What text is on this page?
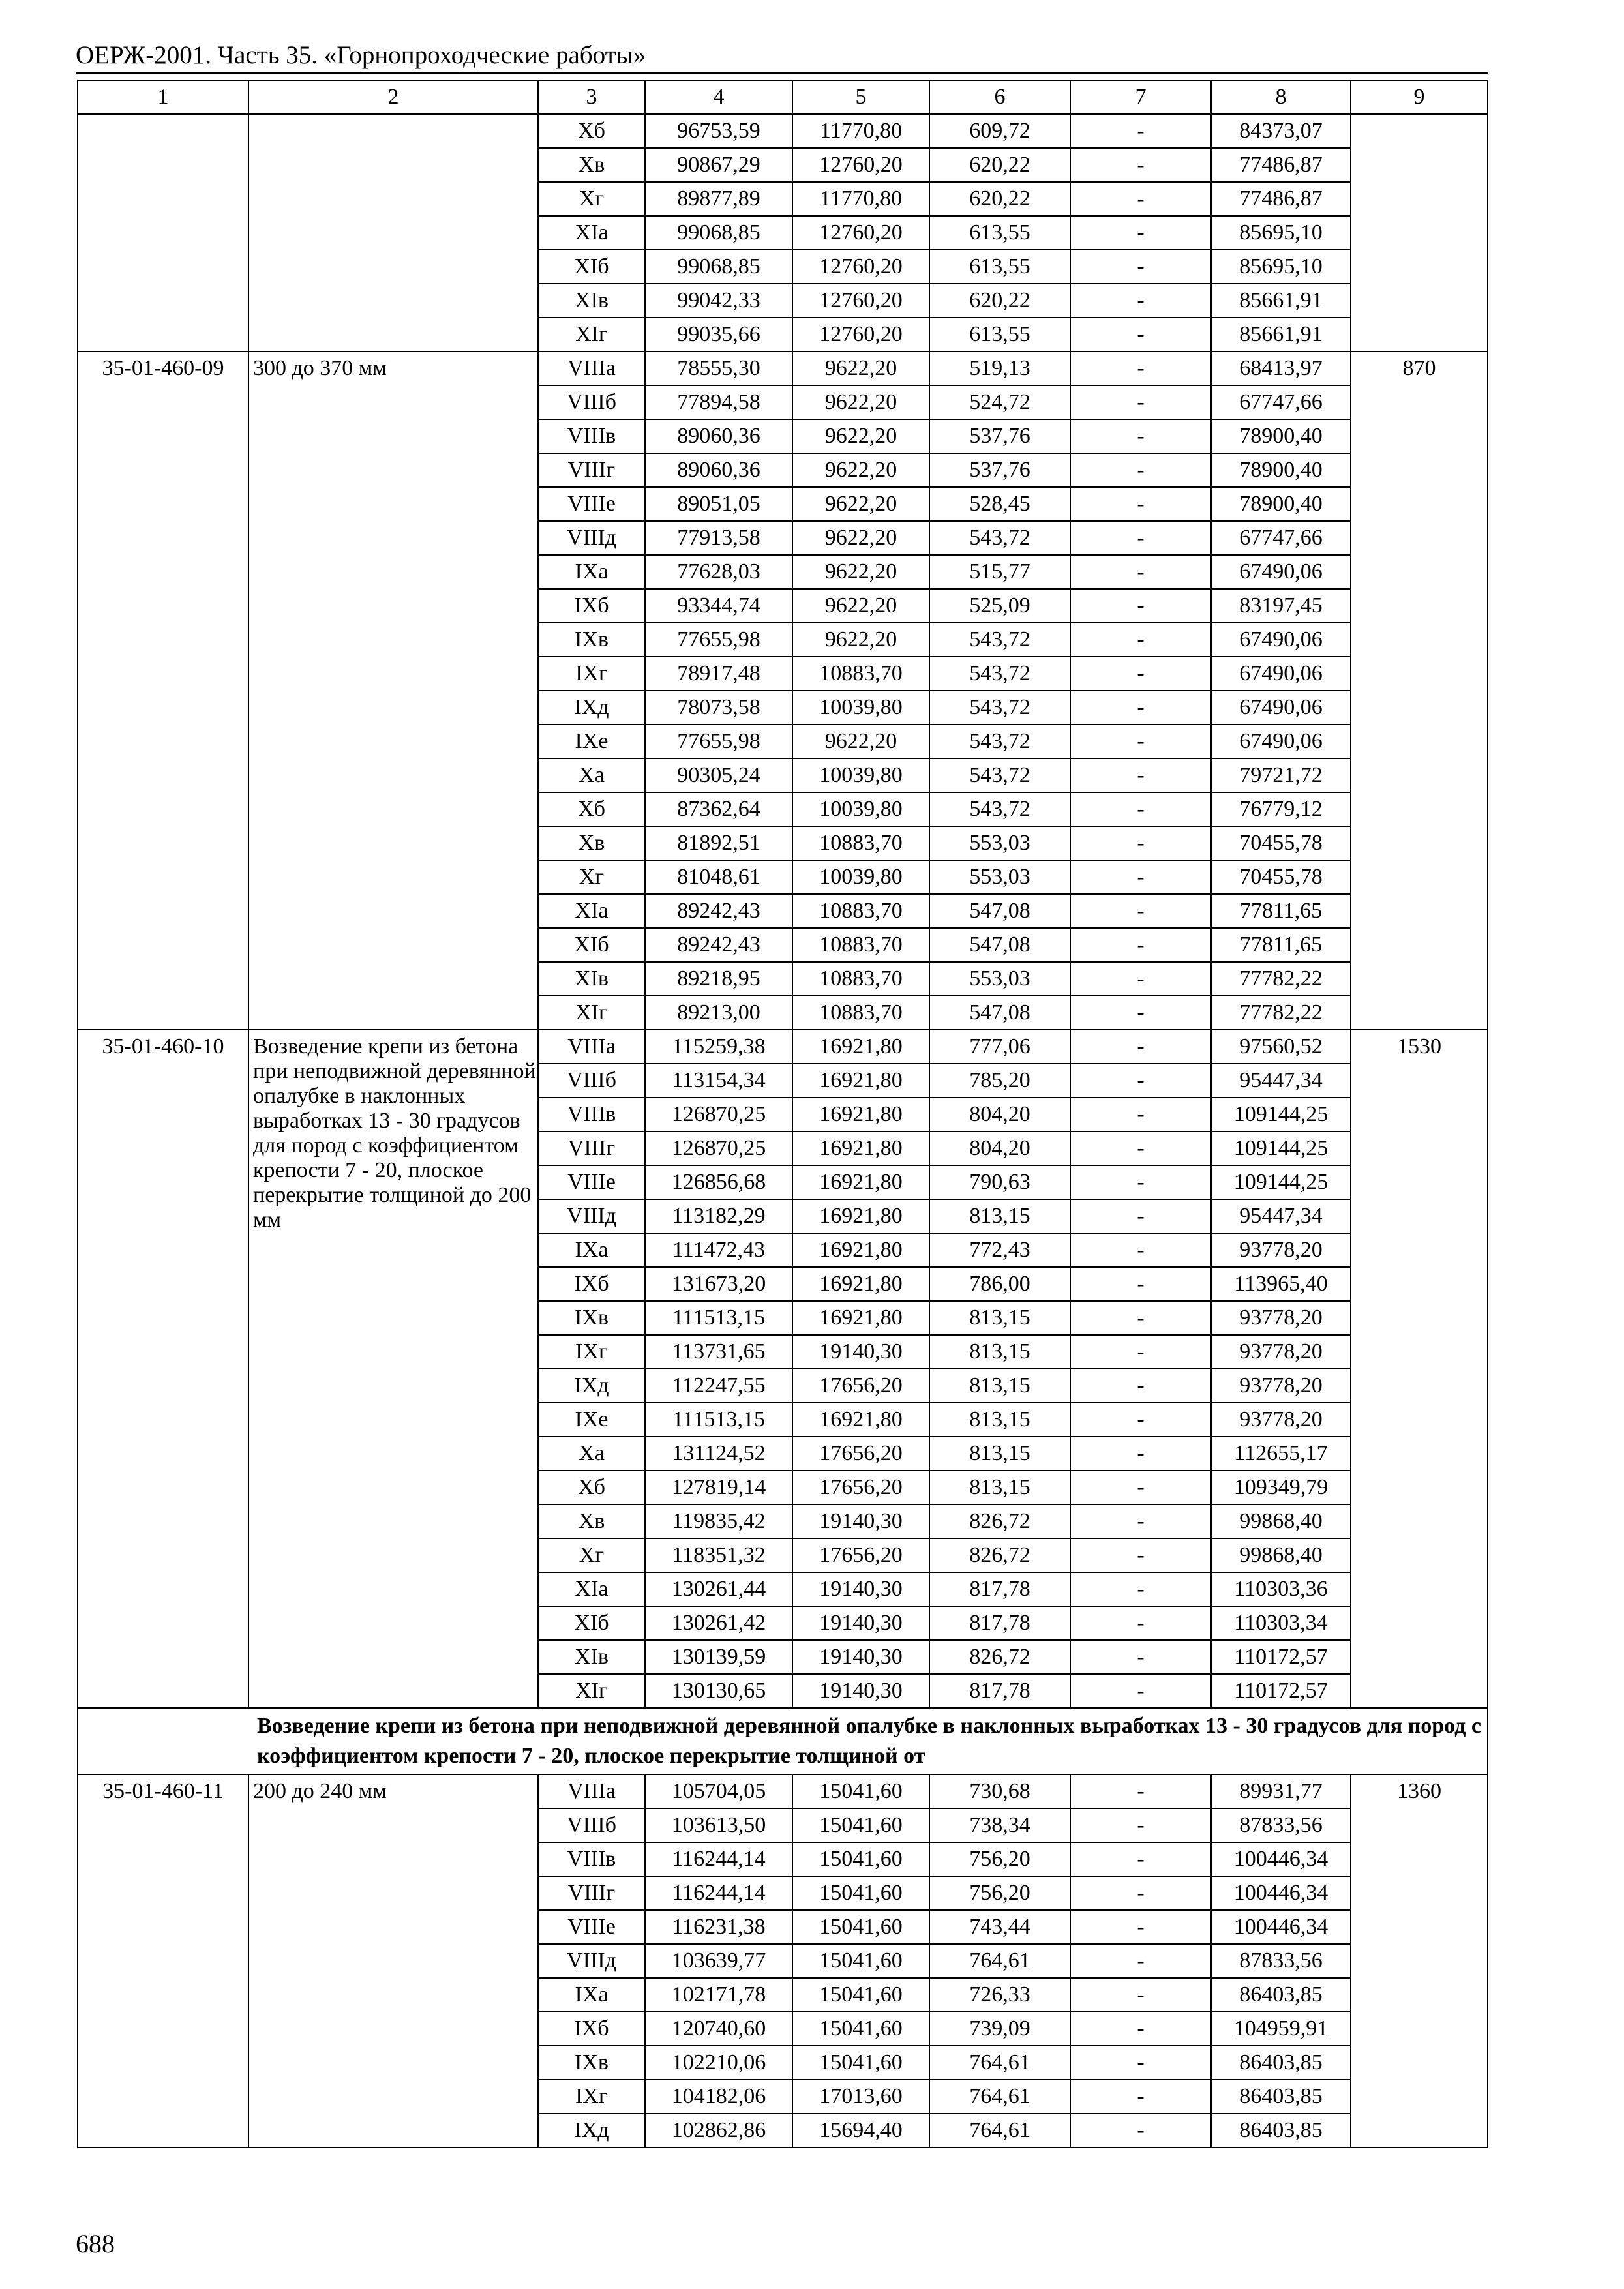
ОЕРЖ-2001. Часть 35. «Горнопроходческие работы»
1	2	3	4	5	6	7	8	9
		Xб	96753,59	11770,80	609,72	-	84373,07	
		Xв	90867,29	12760,20	620,22	-	77486,87	
		Xг	89877,89	11770,80	620,22	-	77486,87	
		XIа	99068,85	12760,20	613,55	-	85695,10	
		XIб	99068,85	12760,20	613,55	-	85695,10	
		XIв	99042,33	12760,20	620,22	-	85661,91	
		XIг	99035,66	12760,20	613,55	-	85661,91	
35-01-460-09	300 до 370 мм	VIIIа	78555,30	9622,20	519,13	-	68413,97	870
		VIIIб	77894,58	9622,20	524,72	-	67747,66	
		VIIIв	89060,36	9622,20	537,76	-	78900,40	
		VIIIг	89060,36	9622,20	537,76	-	78900,40	
		VIIIе	89051,05	9622,20	528,45	-	78900,40	
		VIIIд	77913,58	9622,20	543,72	-	67747,66	
		IXа	77628,03	9622,20	515,77	-	67490,06	
		IXб	93344,74	9622,20	525,09	-	83197,45	
		IXв	77655,98	9622,20	543,72	-	67490,06	
		IXг	78917,48	10883,70	543,72	-	67490,06	
		IXд	78073,58	10039,80	543,72	-	67490,06	
		IXе	77655,98	9622,20	543,72	-	67490,06	
		Xа	90305,24	10039,80	543,72	-	79721,72	
		Xб	87362,64	10039,80	543,72	-	76779,12	
		Xв	81892,51	10883,70	553,03	-	70455,78	
		Xг	81048,61	10039,80	553,03	-	70455,78	
		XIа	89242,43	10883,70	547,08	-	77811,65	
		XIб	89242,43	10883,70	547,08	-	77811,65	
		XIв	89218,95	10883,70	553,03	-	77782,22	
		XIг	89213,00	10883,70	547,08	-	77782,22	
35-01-460-10	Возведение крепи из бетона при неподвижной деревянной опалубке в наклонных выработках 13 - 30 градусов для пород с коэффициентом крепости 7 - 20, плоское перекрытие толщиной до 200 мм	VIIIа	115259,38	16921,80	777,06	-	97560,52	1530
		VIIIб	113154,34	16921,80	785,20	-	95447,34	
		VIIIв	126870,25	16921,80	804,20	-	109144,25	
		VIIIг	126870,25	16921,80	804,20	-	109144,25	
		VIIIе	126856,68	16921,80	790,63	-	109144,25	
		VIIIд	113182,29	16921,80	813,15	-	95447,34	
		IXа	111472,43	16921,80	772,43	-	93778,20	
		IXб	131673,20	16921,80	786,00	-	113965,40	
		IXв	111513,15	16921,80	813,15	-	93778,20	
		IXг	113731,65	19140,30	813,15	-	93778,20	
		IXд	112247,55	17656,20	813,15	-	93778,20	
		IXе	111513,15	16921,80	813,15	-	93778,20	
		Xа	131124,52	17656,20	813,15	-	112655,17	
		Xб	127819,14	17656,20	813,15	-	109349,79	
		Xв	119835,42	19140,30	826,72	-	99868,40	
		Xг	118351,32	17656,20	826,72	-	99868,40	
		XIа	130261,44	19140,30	817,78	-	110303,36	
		XIб	130261,42	19140,30	817,78	-	110303,34	
		XIв	130139,59	19140,30	826,72	-	110172,57	
		XIг	130130,65	19140,30	817,78	-	110172,57	
Возведение крепи из бетона при неподвижной деревянной опалубке в наклонных выработках 13 - 30 градусов для пород с коэффициентом крепости 7 - 20, плоское перекрытие толщиной от								
35-01-460-11	200 до 240 мм	VIIIа	105704,05	15041,60	730,68	-	89931,77	1360
		VIIIб	103613,50	15041,60	738,34	-	87833,56	
		VIIIв	116244,14	15041,60	756,20	-	100446,34	
		VIIIг	116244,14	15041,60	756,20	-	100446,34	
		VIIIе	116231,38	15041,60	743,44	-	100446,34	
		VIIIд	103639,77	15041,60	764,61	-	87833,56	
		IXа	102171,78	15041,60	726,33	-	86403,85	
		IXб	120740,60	15041,60	739,09	-	104959,91	
		IXв	102210,06	15041,60	764,61	-	86403,85	
		IXг	104182,06	17013,60	764,61	-	86403,85	
		IXд	102862,86	15694,40	764,61	-	86403,85	
688
